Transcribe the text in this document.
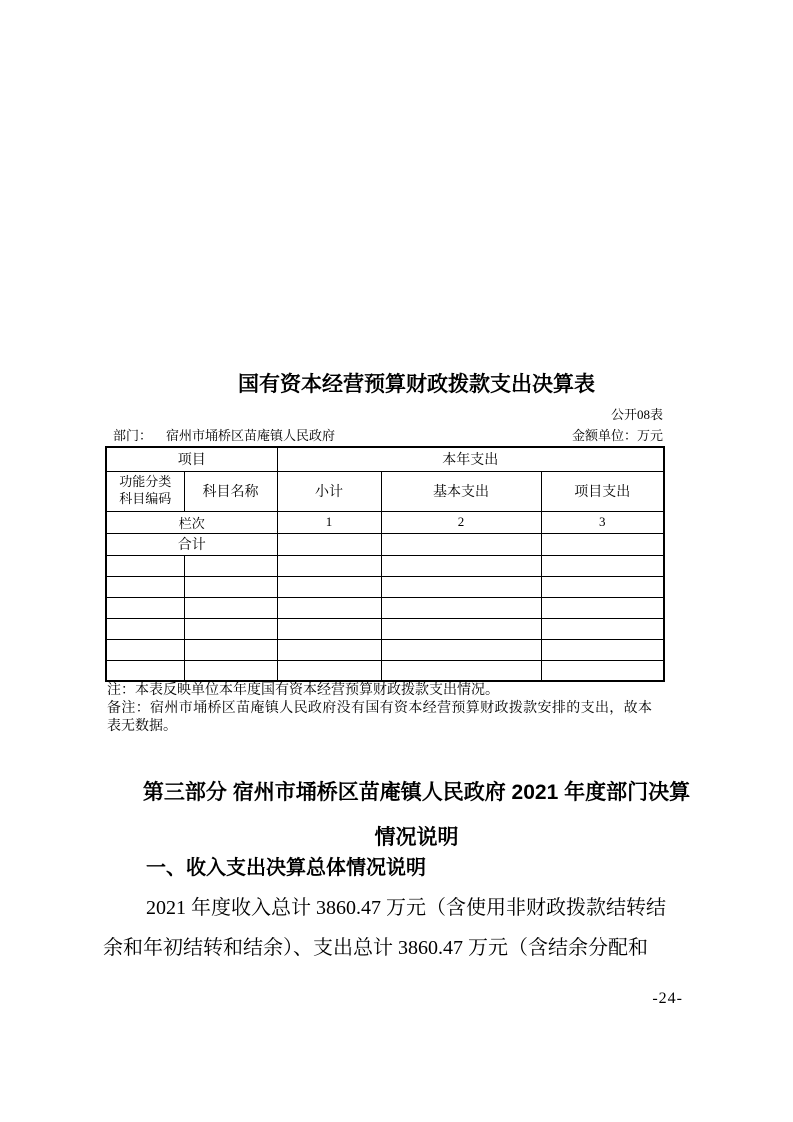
国有资本经营预算财政拨款支出决算表
公开08表
部门： 宿州市埇桥区苗庵镇人民政府	金额单位：万元
项目		本年支出		

功能分类
科目编码	科目名称	小计	基本支出	项目支出
栏次		1	2	3
合计				

注：本表反映单位本年度国有资本经营预算财政拨款支出情况。
备注：宿州市埇桥区苗庵镇人民政府没有国有资本经营预算财政拨款安排的支出，故本表无数据。
第三部分 宿州市埇桥区苗庵镇人民政府 2021 年度部门决算
情况说明
一、收入支出决算总体情况说明
2021 年度收入总计 3860.47 万元（含使用非财政拨款结转结
余和年初结转和结余）、支出总计 3860.47 万元（含结余分配和
-24-
